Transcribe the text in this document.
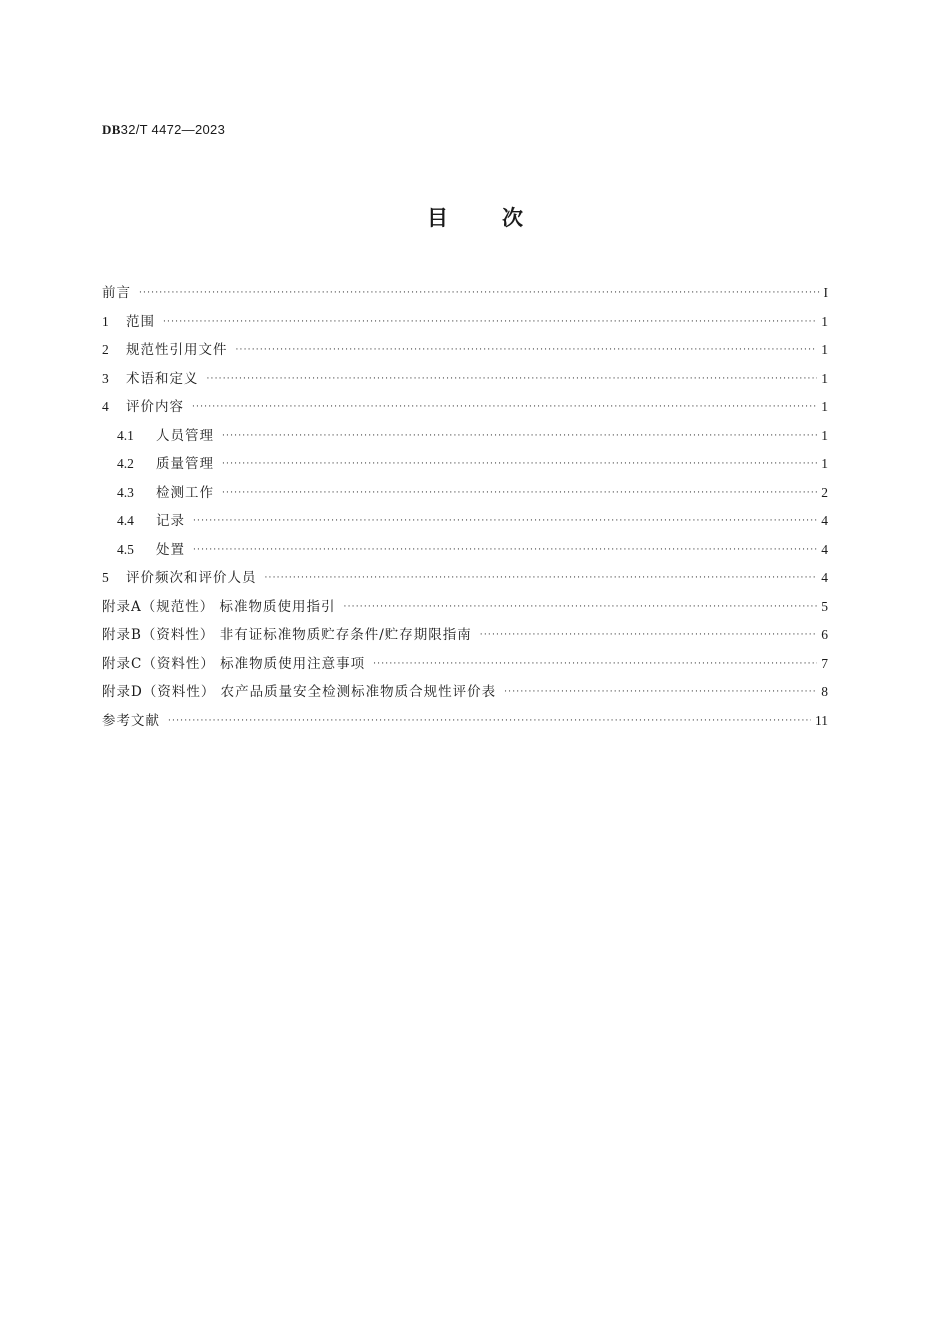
DB32/T 4472—2023
目	次
前言 ·····	I
1	范围 ·····	1
2	规范性引用文件 ·····	1
3	术语和定义 ·····	1
4	评价内容 ·····	1
4.1	人员管理 ·····	1
4.2	质量管理 ·····	1
4.3	检测工作 ·····	2
4.4	记录 ·····	4
4.5	处置 ·····	4
5	评价频次和评价人员 ·····	4
附录A（规范性） 标准物质使用指引 ·····	5
附录B（资料性） 非有证标准物质贮存条件/贮存期限指南 ·····	6
附录C（资料性） 标准物质使用注意事项 ·····	7
附录D（资料性） 农产品质量安全检测标准物质合规性评价表 ·····	8
参考文献 ·····	11
